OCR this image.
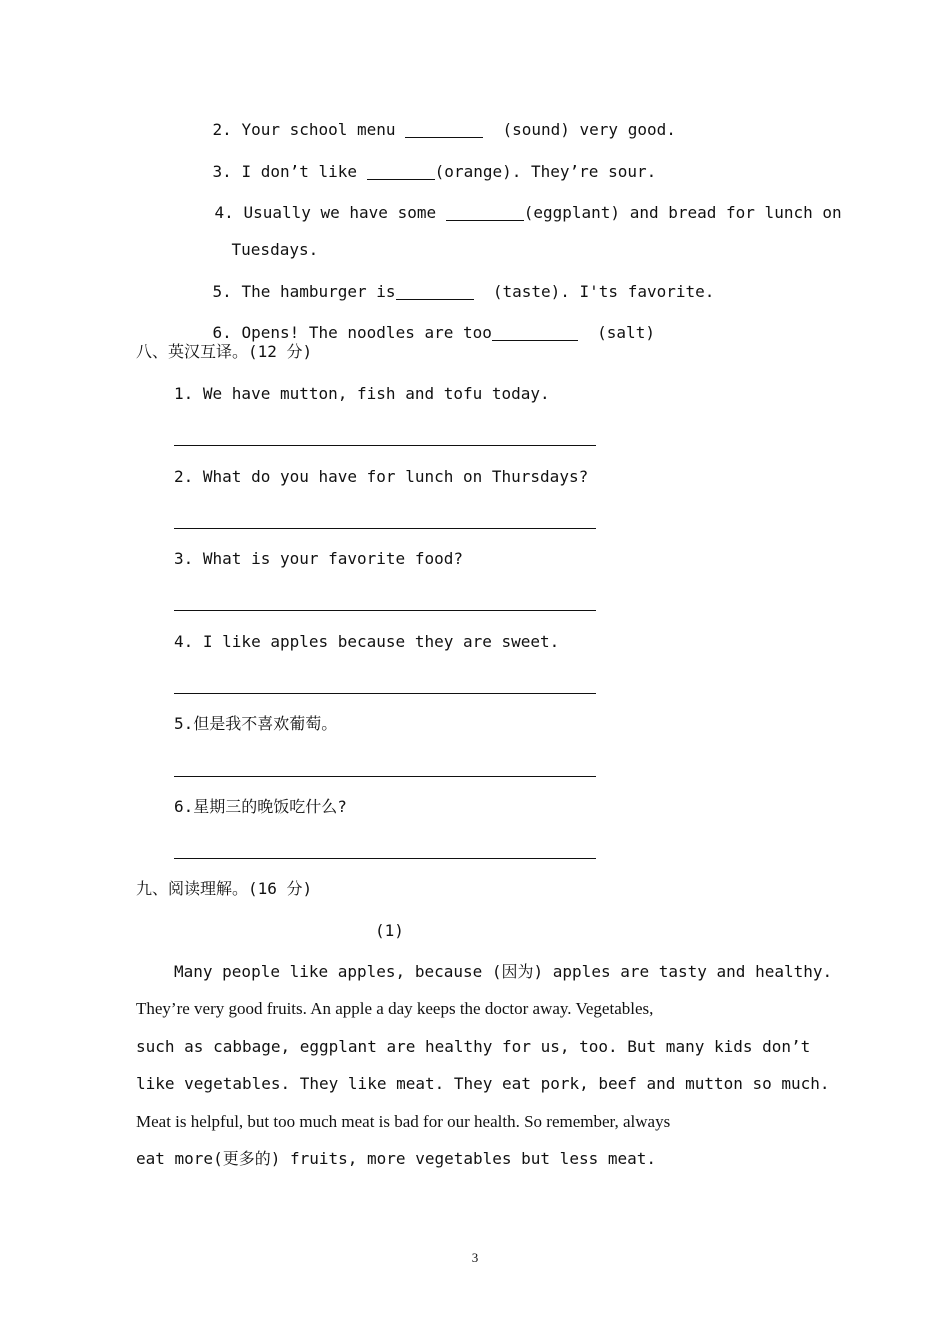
2. Your school menu	(sound) very good.

3. I don’t like	(orange). They’re sour.

4. Usually we have some	(eggplant) and bread for lunch on

Tuesdays.

5. The hamburger is	(taste). I'ts favorite.

6. Opens! The noodles are too	(salt)

八、英汉互译。(12 分)
1. We have mutton, fish and tofu today.
2. What do you have for lunch on Thursdays?
3. What is your favorite food?
4. I like apples because they are sweet.
5.但是我不喜欢葡萄。
6.星期三的晚饭吃什么?
九、阅读理解。(16 分)
(1)
Many people like apples, because (因为) apples are tasty and healthy.
They’re very good fruits. An apple a day keeps the doctor away. Vegetables,
such as cabbage, eggplant are healthy for us, too. But many kids don’t
like vegetables. They like meat. They eat pork, beef and mutton so much.
Meat is helpful, but too much meat is bad for our health. So remember, always
eat more(更多的) fruits, more vegetables but less meat.
3
